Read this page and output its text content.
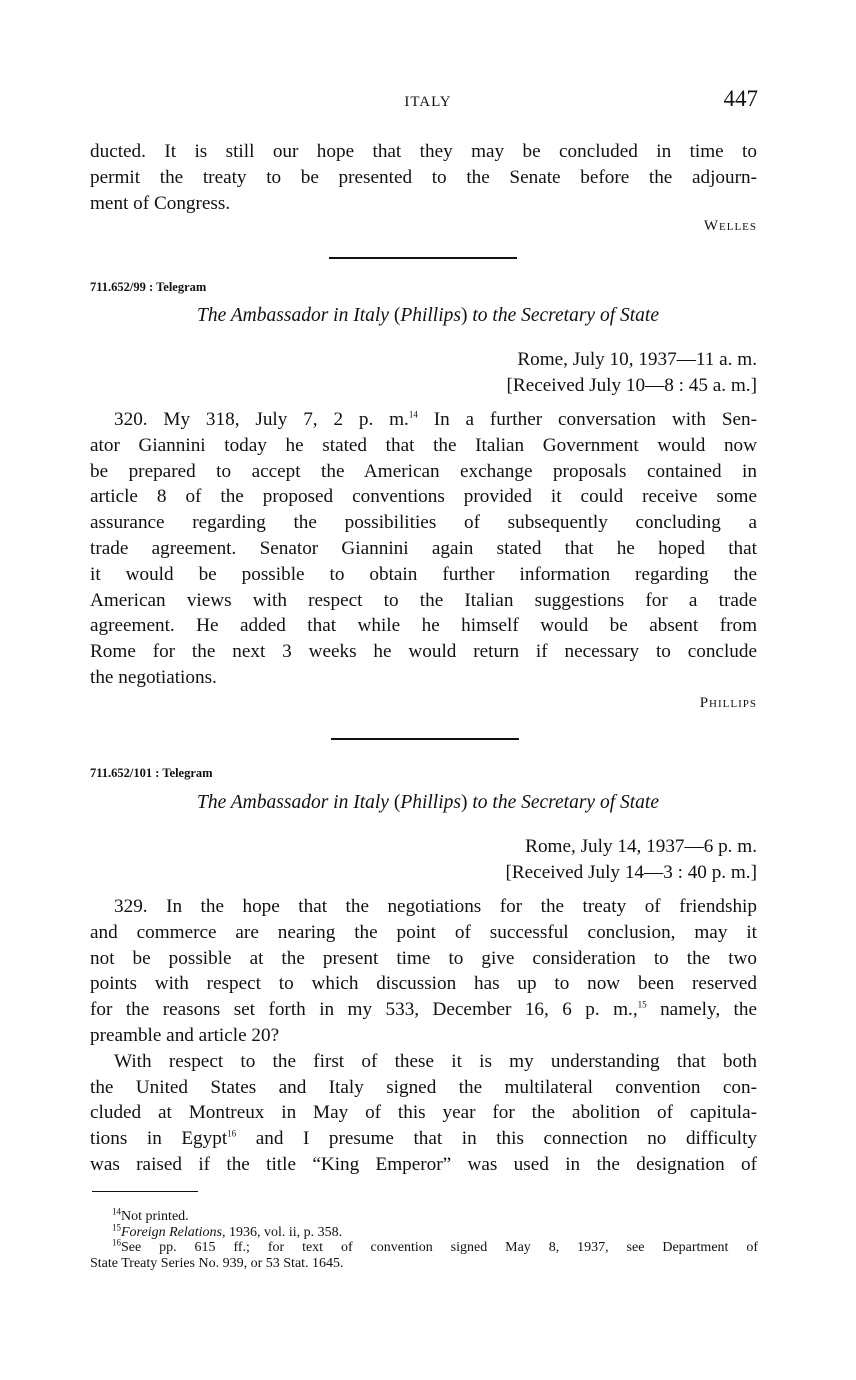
ITALY	447
ducted. It is still our hope that they may be concluded in time to
permit the treaty to be presented to the Senate before the adjourn-
ment of Congress.
Welles
711.652/99 : Telegram
The Ambassador in Italy (Phillips) to the Secretary of State
Rome, July 10, 1937—11 a. m.
[Received July 10—8 : 45 a. m.]
320. My 318, July 7, 2 p. m.$^{14}$ In a further conversation with Sen-
ator Giannini today he stated that the Italian Government would now
be prepared to accept the American exchange proposals contained in
article 8 of the proposed conventions provided it could receive some
assurance regarding the possibilities of subsequently concluding a
trade agreement. Senator Giannini again stated that he hoped that
it would be possible to obtain further information regarding the
American views with respect to the Italian suggestions for a trade
agreement. He added that while he himself would be absent from
Rome for the next 3 weeks he would return if necessary to conclude
the negotiations.
Phillips
711.652/101 : Telegram
The Ambassador in Italy (Phillips) to the Secretary of State
Rome, July 14, 1937—6 p. m.
[Received July 14—3 : 40 p. m.]
329. In the hope that the negotiations for the treaty of friendship
and commerce are nearing the point of successful conclusion, may it
not be possible at the present time to give consideration to the two
points with respect to which discussion has up to now been reserved
for the reasons set forth in my 533, December 16, 6 p. m.,$^{15}$ namely, the
preamble and article 20?
With respect to the first of these it is my understanding that both
the United States and Italy signed the multilateral convention con-
cluded at Montreux in May of this year for the abolition of capitula-
tions in Egypt$^{16}$ and I presume that in this connection no difficulty
was raised if the title “King Emperor” was used in the designation of
$^{14}$Not printed.
$^{15}$Foreign Relations, 1936, vol. ii, p. 358.
$^{16}$See pp. 615 ff.; for text of convention signed May 8, 1937, see Department of
State Treaty Series No. 939, or 53 Stat. 1645.
